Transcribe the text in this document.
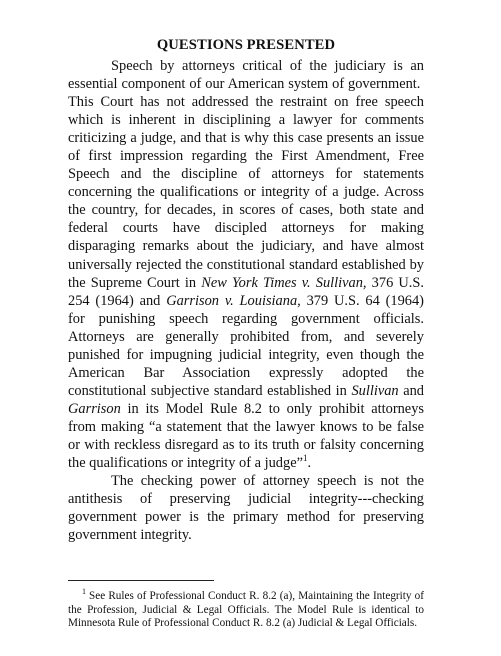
QUESTIONS PRESENTED

Speech by attorneys critical of the judiciary is an essential component of our American system of government.  This Court has not addressed the restraint on free speech which is inherent in disciplining a lawyer for comments criticizing a judge, and that is why this case presents an issue of first impression regarding the First Amendment, Free Speech and the discipline of attorneys for statements concerning the qualifications or integrity of a judge. Across the country, for decades, in scores of cases, both state and federal courts have discipled attorneys for making disparaging remarks about the judiciary, and have almost universally rejected the constitutional standard established by the Supreme Court in New York Times v. Sullivan, 376 U.S. 254 (1964) and Garrison v. Louisiana, 379 U.S. 64 (1964) for punishing speech regarding government officials. Attorneys are generally prohibited from, and severely punished for impugning judicial integrity, even though the American Bar Association expressly adopted the constitutional subjective standard established in Sullivan and Garrison in its Model Rule 8.2 to only prohibit attorneys from making “a statement that the lawyer knows to be false or with reckless disregard as to its truth or falsity concerning the qualifications or integrity of a judge”$^1$.

The checking power of attorney speech is not the antithesis of preserving judicial integrity---checking government power is the primary method for preserving government integrity.

$^1$ See Rules of Professional Conduct R. 8.2 (a), Maintaining the Integrity of the Profession, Judicial & Legal Officials. The Model Rule is identical to Minnesota Rule of Professional Conduct R. 8.2 (a) Judicial & Legal Officials.
